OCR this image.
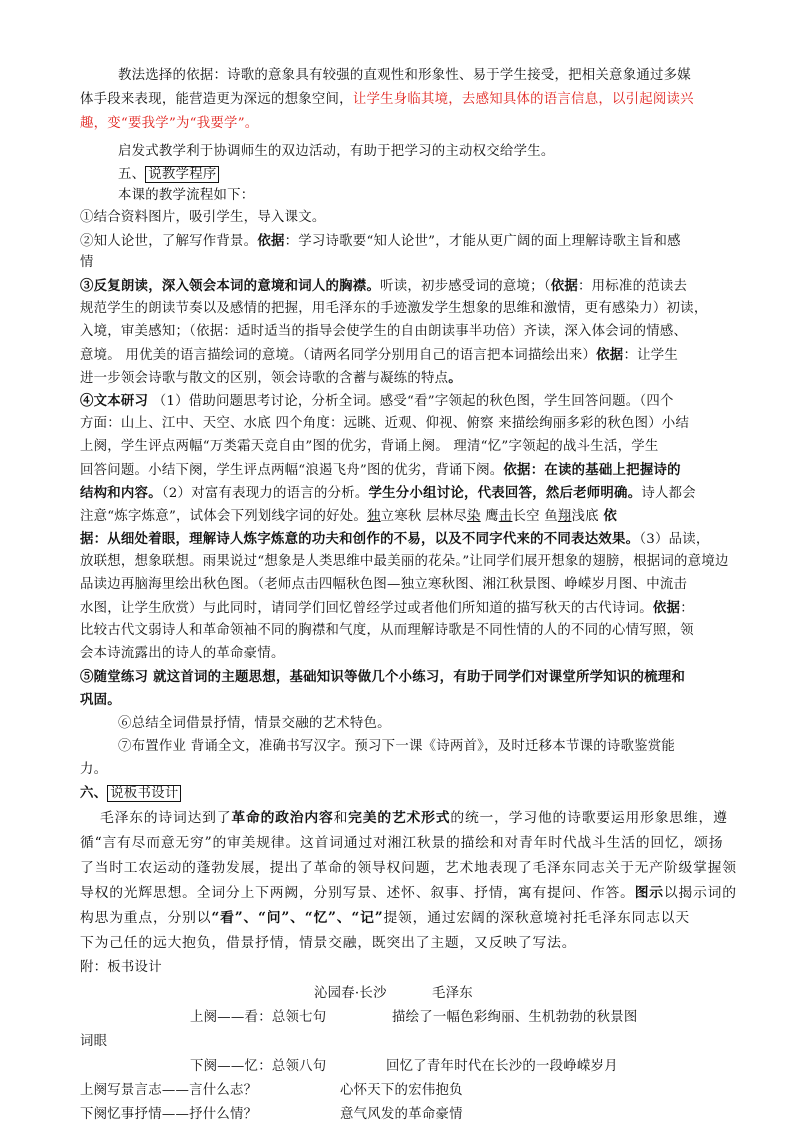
教法选择的依据：诗歌的意象具有较强的直观性和形象性、易于学生接受，把相关意象通过多媒
体手段来表现，能营造更为深远的想象空间，让学生身临其境，去感知具体的语言信息，以引起阅读兴
趣，变“要我学”为“我要学”。
启发式教学利于协调师生的双边活动，有助于把学习的主动权交给学生。
五、 说教学程序
本课的教学流程如下：
①结合资料图片，吸引学生，导入课文。
②知人论世，了解写作背景。依据：学习诗歌要“知人论世”，才能从更广阔的面上理解诗歌主旨和感
情
③反复朗读，深入领会本词的意境和词人的胸襟。听读，初步感受词的意境；（依据：用标准的范读去
规范学生的朗读节奏以及感情的把握，用毛泽东的手迹激发学生想象的思维和激情，更有感染力）初读，
入境，审美感知；（依据：适时适当的指导会使学生的自由朗读事半功倍）齐读，深入体会词的情感、
意境。 用优美的语言描绘词的意境。（请两名同学分别用自己的语言把本词描绘出来）依据：让学生
进一步领会诗歌与散文的区别，领会诗歌的含蓄与凝练的特点。
④文本研习 （1）借助问题思考讨论，分析全词。感受“看”字领起的秋色图，学生回答问题。（四个
方面：山上、江中、天空、水底 四个角度：远眺、近观、仰视、俯察 来描绘绚丽多彩的秋色图）小结
上阕，学生评点两幅“万类霜天竞自由”图的优劣，背诵上阕。 理清“忆”字领起的战斗生活，学生
回答问题。小结下阕，学生评点两幅“浪遏飞舟”图的优劣，背诵下阕。依据：在读的基础上把握诗的
结构和内容。（2）对富有表现力的语言的分析。学生分小组讨论，代表回答，然后老师明确。诗人都会
注意“炼字炼意”，试体会下列划线字词的好处。独立寒秋 层林尽染 鹰击长空 鱼翔浅底 依
据：从细处着眼，理解诗人炼字炼意的功夫和创作的不易，以及不同字代来的不同表达效果。（3）品读，
放联想，想象联想。雨果说过“想象是人类思维中最美丽的花朵。”让同学们展开想象的翅膀，根据词的意境边
品读边再脑海里绘出秋色图。（老师点击四幅秋色图—独立寒秋图、湘江秋景图、峥嵘岁月图、中流击
水图，让学生欣赏）与此同时，请同学们回忆曾经学过或者他们所知道的描写秋天的古代诗词。依据：
比较古代文弱诗人和革命领袖不同的胸襟和气度，从而理解诗歌是不同性情的人的不同的心情写照，领
会本诗流露出的诗人的革命豪情。
⑤随堂练习 就这首词的主题思想，基础知识等做几个小练习，有助于同学们对课堂所学知识的梳理和
巩固。
⑥总结全词借景抒情，情景交融的艺术特色。
⑦布置作业 背诵全文，准确书写汉字。预习下一课《诗两首》，及时迁移本节课的诗歌鉴赏能
力。
六、 说板书设计
毛泽东的诗词达到了革命的政治内容和完美的艺术形式的统一，学习他的诗歌要运用形象思维，遵
循“言有尽而意无穷”的审美规律。这首词通过对湘江秋景的描绘和对青年时代战斗生活的回忆，颂扬
了当时工农运动的蓬勃发展，提出了革命的领导权问题，艺术地表现了毛泽东同志关于无产阶级掌握领
导权的光辉思想。全词分上下两阙，分别写景、述怀、叙事、抒情，寓有提问、作答。图示以揭示词的
构思为重点，分别以“看”、“问”、“忆”、“记”提领，通过宏阔的深秋意境衬托毛泽东同志以天
下为己任的远大抱负，借景抒情，情景交融，既突出了主题，又反映了写法。
附：板书设计
沁园春·长沙	毛泽东
上阕——看：总领七句	描绘了一幅色彩绚丽、生机勃勃的秋景图
词眼
下阕——忆：总领八句	回忆了青年时代在长沙的一段峥嵘岁月
上阕写景言志——言什么志？	心怀天下的宏伟抱负
下阕忆事抒情——抒什么情？	意气风发的革命豪情
